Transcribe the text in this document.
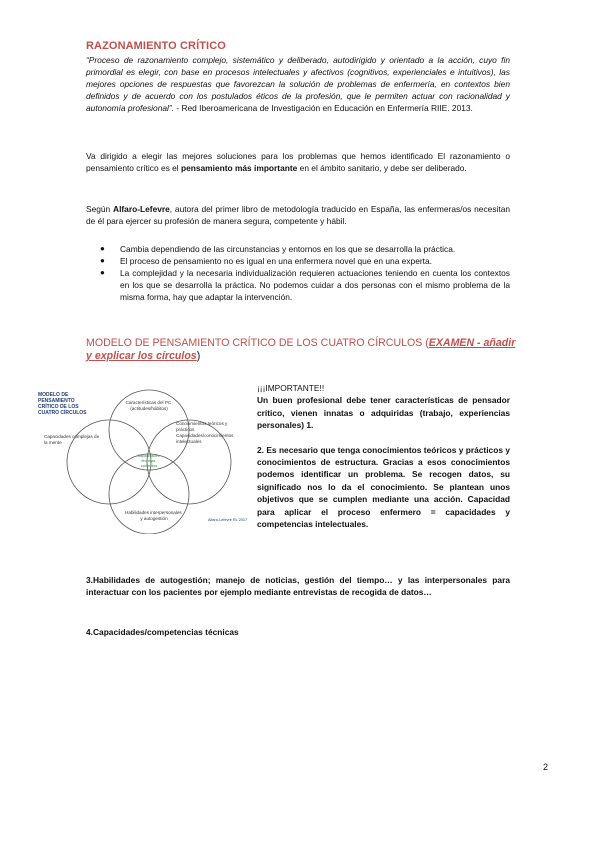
RAZONAMIENTO CRÍTICO
“Proceso de razonamiento complejo, sistemático y deliberado, autodirigido y orientado a la acción, cuyo fin primordial es elegir, con base en procesos intelectuales y afectivos (cognitivos, experienciales e intuitivos), las mejores opciones de respuestas que favorezcan la solución de problemas de enfermería, en contextos bien definidos y de acuerdo con los postulados éticos de la profesión, que le permiten actuar con racionalidad y autonomía profesional”. - Red Iberoamericana de Investigación en Educación en Enfermería RIIE. 2013.

Va dirigido a elegir las mejores soluciones para los problemas que hemos identificado El razonamiento o pensamiento crítico es el pensamiento más importante en el ámbito sanitario, y debe ser deliberado.

Según Alfaro-Lefevre, autora del primer libro de metodología traducido en España, las enfermeras/os necesitan de él para ejercer su profesión de manera segura, competente y hábil.

● Cambia dependiendo de las circunstancias y entornos en los que se desarrolla la práctica.
● El proceso de pensamiento no es igual en una enfermera novel que en una experta.
● La complejidad y la necesaria individualización requieren actuaciones teniendo en cuenta los contextos en los que se desarrolla la práctica. No podemos cuidar a dos personas con el mismo problema de la misma forma, hay que adaptar la intervención.
MODELO DE PENSAMIENTO CRÍTICO DE LOS CUATRO CÍRCULOS (EXAMEN - añadir y explicar los círculos)
MODELO DE PENSAMIENTO CRÍTICO DE LOS CUATRO CÍRCULOS
Características del PC (actitudes/hábitos)
Capacidades complejas de la mente
Conocimientos teóricos y prácticos Capacidades/conocimientos intelectuales
Habilidades interpersonales y autogestión
Capacidades técnicas contextos
Alfaro-Lefevre RL 2017

¡¡¡IMPORTANTE!!

Un buen profesional debe tener características de pensador crítico, vienen innatas o adquiridas (trabajo, experiencias personales) 1.

2. Es necesario que tenga conocimientos teóricos y prácticos y conocimientos de estructura. Gracias a esos conocimientos podemos identificar un problema. Se recogen datos, su significado nos lo da el conocimiento. Se plantean unos objetivos que se cumplen mediante una acción. Capacidad para aplicar el proceso enfermero = capacidades y competencias intelectuales.

3.Habilidades de autogestión; manejo de noticias, gestión del tiempo… y las interpersonales para interactuar con los pacientes por ejemplo mediante entrevistas de recogida de datos…

4.Capacidades/competencias técnicas

2
